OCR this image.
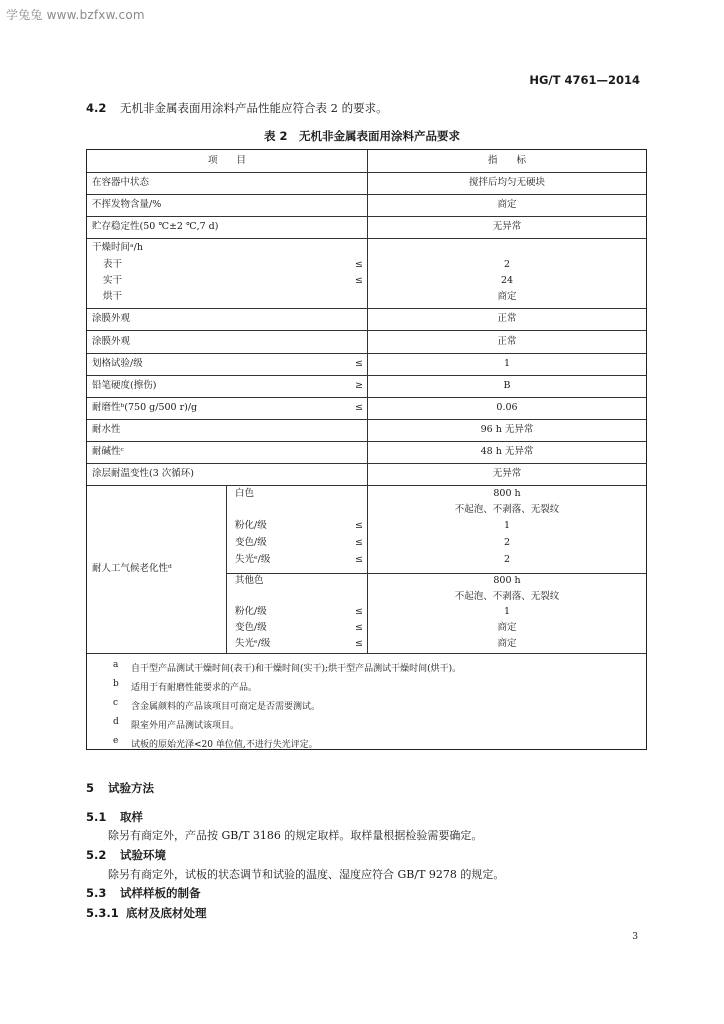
学兔兔 www.bzfxw.com
HG/T 4761—2014
4.2 无机非金属表面用涂料产品性能应符合表 2 的要求。
表 2　无机非金属表面用涂料产品要求
项　　目	指　　标
在容器中状态	搅拌后均匀无硬块
不挥发物含量/%	商定
贮存稳定性(50 ℃±2 ℃,7 d)	无异常
干燥时间ᵃ/h
表干	≤	2
实干	≤	24
烘干	商定
涂膜外观	正常
涂膜外观	正常
划格试验/级	≤	1
铅笔硬度(擦伤)	≥	B
耐磨性ᵇ(750 g/500 r)/g	≤	0.06
耐水性	96 h 无异常
耐碱性ᶜ	48 h 无异常
涂层耐温变性(3 次循环)	无异常
耐人工气候老化性ᵈ
白色	800 h
不起泡、不剥落、无裂纹
粉化/级	≤	1
变色/级	≤	2
失光ᵉ/级	≤	2
其他色	800 h
不起泡、不剥落、无裂纹
粉化/级	≤	1
变色/级	≤	商定
失光ᵉ/级	≤	商定
a 自干型产品测试干燥时间(表干)和干燥时间(实干);烘干型产品测试干燥时间(烘干)。
b 适用于有耐磨性能要求的产品。
c 含金属颜料的产品该项目可商定是否需要测试。
d 限室外用产品测试该项目。
e 试板的原始光泽<20 单位值,不进行失光评定。
5 试验方法
5.1 取样
除另有商定外，产品按 GB/T 3186 的规定取样。取样量根据检验需要确定。
5.2 试验环境
除另有商定外，试板的状态调节和试验的温度、湿度应符合 GB/T 9278 的规定。
5.3 试样样板的制备
5.3.1 底材及底材处理
3
